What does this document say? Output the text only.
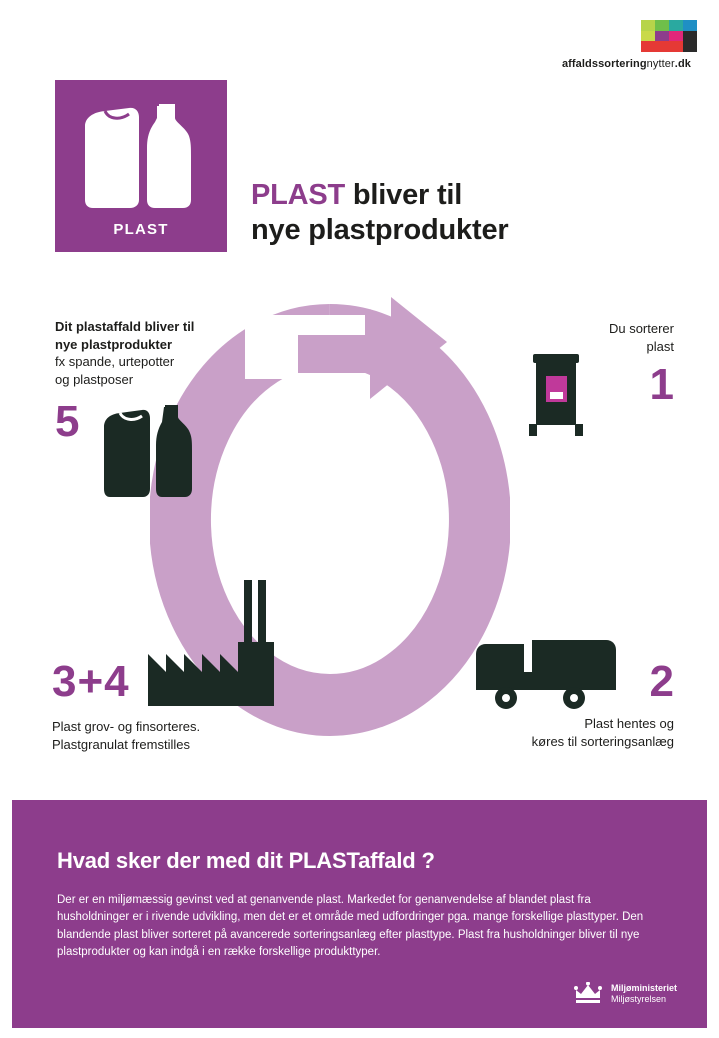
affaldssorteringnytter.dk
PLAST
PLAST bliver til
nye plastprodukter
Du sorterer
plast
1
2
Plast hentes og
køres til sorteringsanlæg
3+4
Plast grov- og finsorteres.
Plastgranulat fremstilles
Dit plastaffald bliver til
nye plastprodukter
fx spande, urtepotter
og plastposer
5
Hvad sker der med dit PLASTaffald ?

Der er en miljømæssig gevinst ved at genanvende plast. Markedet for genanvendelse af blandet plast fra husholdninger er i rivende udvikling, men det er et område med udfordringer pga. mange forskellige plasttyper. Den blandende plast bliver sorteret på avancerede sorteringsanlæg efter plasttype. Plast fra husholdninger bliver til nye plastprodukter og kan indgå i en række forskellige produkttyper.

Miljøministeriet
Miljøstyrelsen
